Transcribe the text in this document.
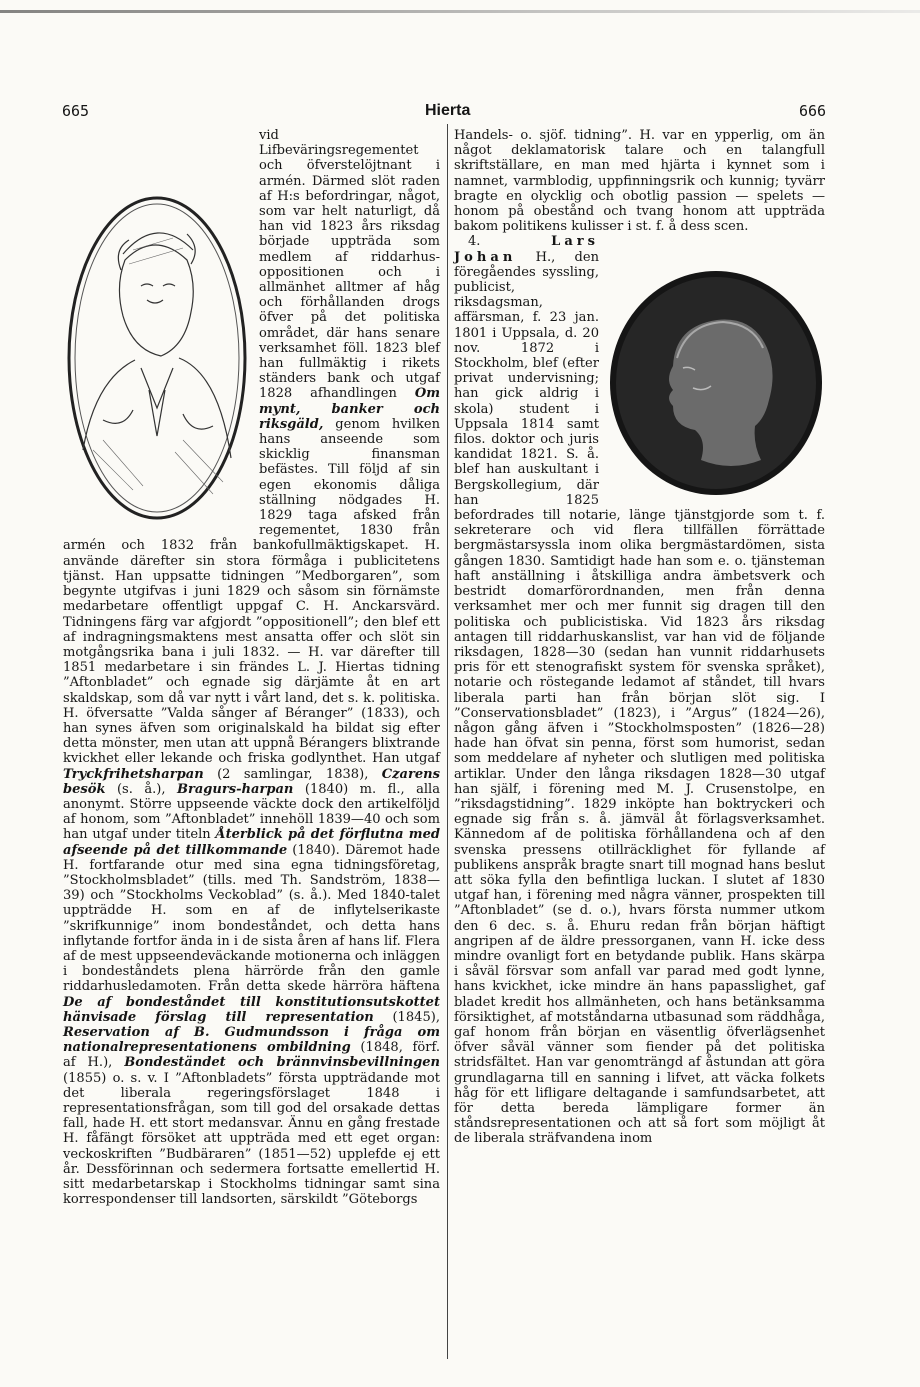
665	Hierta	666

vid Lifbeväringsregementet och öfverstelöjtnant i armén. Därmed slöt raden af H:s befordringar, något, som var helt naturligt, då han vid 1823 års riksdag började uppträda som medlem af riddarhus-oppositionen och i allmänhet alltmer af håg och förhållanden drogs öfver på det politiska området, där hans senare verksamhet föll. 1823 blef han fullmäktig i rikets ständers bank och utgaf 1828 afhandlingen Om mynt, banker och riksgäld, genom hvilken hans anseende som skicklig finansman befästes. Till följd af sin egen ekonomis dåliga ställning nödgades H. 1829 taga afsked från regementet, 1830 från armén och 1832 från bankofullmäktigskapet. H. använde därefter sin stora förmåga i publicitetens tjänst. Han uppsatte tidningen ”Medborgaren”, som begynte utgifvas i juni 1829 och såsom sin förnämste medarbetare offentligt uppgaf C. H. Anckarsvärd. Tidningens färg var afgjordt ”oppositionell”; den blef ett af indragningsmaktens mest ansatta offer och slöt sin motgångsrika bana i juli 1832. — H. var därefter till 1851 medarbetare i sin frändes L. J. Hiertas tidning ”Aftonbladet” och egnade sig därjämte åt en art skaldskap, som då var nytt i vårt land, det s. k. politiska. H. öfversatte ”Valda sånger af Béranger” (1833), och han synes äfven som originalskald ha bildat sig efter detta mönster, men utan att uppnå Bérangers blixtrande kvickhet eller lekande och friska godlynthet. Han utgaf Tryckfrihetsharpan (2 samlingar, 1838), Czarens besök (s. å.), Bragurs-harpan (1840) m. fl., alla anonymt. Större uppseende väckte dock den artikelföljd af honom, som ”Aftonbladet” innehöll 1839—40 och som han utgaf under titeln Återblick på det förflutna med afseende på det tillkommande (1840). Däremot hade H. fortfarande otur med sina egna tidningsföretag, ”Stockholmsbladet” (tills. med Th. Sandström, 1838—39) och ”Stockholms Veckoblad” (s. å.). Med 1840-talet uppträdde H. som en af de inflytelserikaste ”skrifkunnige” inom bondeståndet, och detta hans inflytande fortfor ända in i de sista åren af hans lif. Flera af de mest uppseendeväckande motionerna och inläggen i bondeståndets plena härrörde från den gamle riddarhusledamoten. Från detta skede härröra häftena De af bondeståndet till konstitutionsutskottet hänvisade förslag till representation (1845), Reservation af B. Gudmundsson i fråga om nationalrepresentationens ombildning (1848, förf. af H.), Bondeständet och brännvinsbevillningen (1855) o. s. v. I ”Aftonbladets” första uppträdande mot det liberala regeringsförslaget 1848 i representationsfrågan, som till god del orsakade dettas fall, hade H. ett stort medansvar. Ännu en gång frestade H. fåfängt försöket att uppträda med ett eget organ: veckoskriften ”Budbäraren” (1851—52) upplefde ej ett år. Dessförinnan och sedermera fortsatte emellertid H. sitt medarbetarskap i Stockholms tidningar samt sina korrespondenser till landsorten, särskildt ”Göteborgs

Handels- o. sjöf. tidning”. H. var en ypperlig, om än något deklamatorisk talare och en talangfull skriftställare, en man med hjärta i kynnet som i namnet, varmblodig, uppfinningsrik och kunnig; tyvärr bragte en olycklig och obotlig passion — spelets — honom på obestånd och tvang honom att uppträda bakom politikens kulisser i st. f. å dess scen.

4.	Lars Johan H., den föregåendes syssling, publicist, riksdagsman, affärsman, f. 23 jan. 1801 i Uppsala, d. 20 nov. 1872 i Stockholm, blef (efter privat undervisning; han gick aldrig i skola) student i Uppsala 1814 samt filos. doktor och juris kandidat 1821. S. å. blef han auskultant i Bergskollegium, där han 1825 befordrades till notarie, länge tjänstgjorde som t. f. sekreterare och vid flera tillfällen förrättade bergmästarsyssla inom olika bergmästardömen, sista gången 1830. Samtidigt hade han som e. o. tjänsteman haft anställning i åtskilliga andra ämbetsverk och bestridt domarförordnanden, men från denna verksamhet mer och mer funnit sig dragen till den politiska och publicistiska. Vid 1823 års riksdag antagen till riddarhuskanslist, var han vid de följande riksdagen, 1828—30 (sedan han vunnit riddarhusets pris för ett stenografiskt system för svenska språket), notarie och röstegande ledamot af ståndet, till hvars liberala parti han från början slöt sig. I ”Conservationsbladet” (1823), i ”Argus” (1824—26), någon gång äfven i ”Stockholmsposten” (1826—28) hade han öfvat sin penna, först som humorist, sedan som meddelare af nyheter och slutligen med politiska artiklar. Under den långa riksdagen 1828—30 utgaf han själf, i förening med M. J. Crusenstolpe, en ”riksdagstidning”. 1829 inköpte han boktryckeri och egnade sig från s. å. jämväl åt förlagsverksamhet. Kännedom af de politiska förhållandena och af den svenska pressens otillräcklighet för fyllande af publikens anspråk bragte snart till mognad hans beslut att söka fylla den befintliga luckan. I slutet af 1830 utgaf han, i förening med några vänner, prospekten till ”Aftonbladet” (se d. o.), hvars första nummer utkom den 6 dec. s. å. Ehuru redan från början häftigt angripen af de äldre pressorganen, vann H. icke dess mindre ovanligt fort en betydande publik. Hans skärpa i såväl försvar som anfall var parad med godt lynne, hans kvickhet, icke mindre än hans papasslighet, gaf bladet kredit hos allmänheten, och hans betänksamma försiktighet, af motståndarna utbasunad som räddhåga, gaf honom från början en väsentlig öfverlägsenhet öfver såväl vänner som fiender på det politiska stridsfältet. Han var genomträngd af åstundan att göra grundlagarna till en sanning i lifvet, att väcka folkets håg för ett lifligare deltagande i samfundsarbetet, att för detta bereda lämpligare former än ståndsrepresentationen och att så fort som möjligt åt de liberala sträfvandena inom
